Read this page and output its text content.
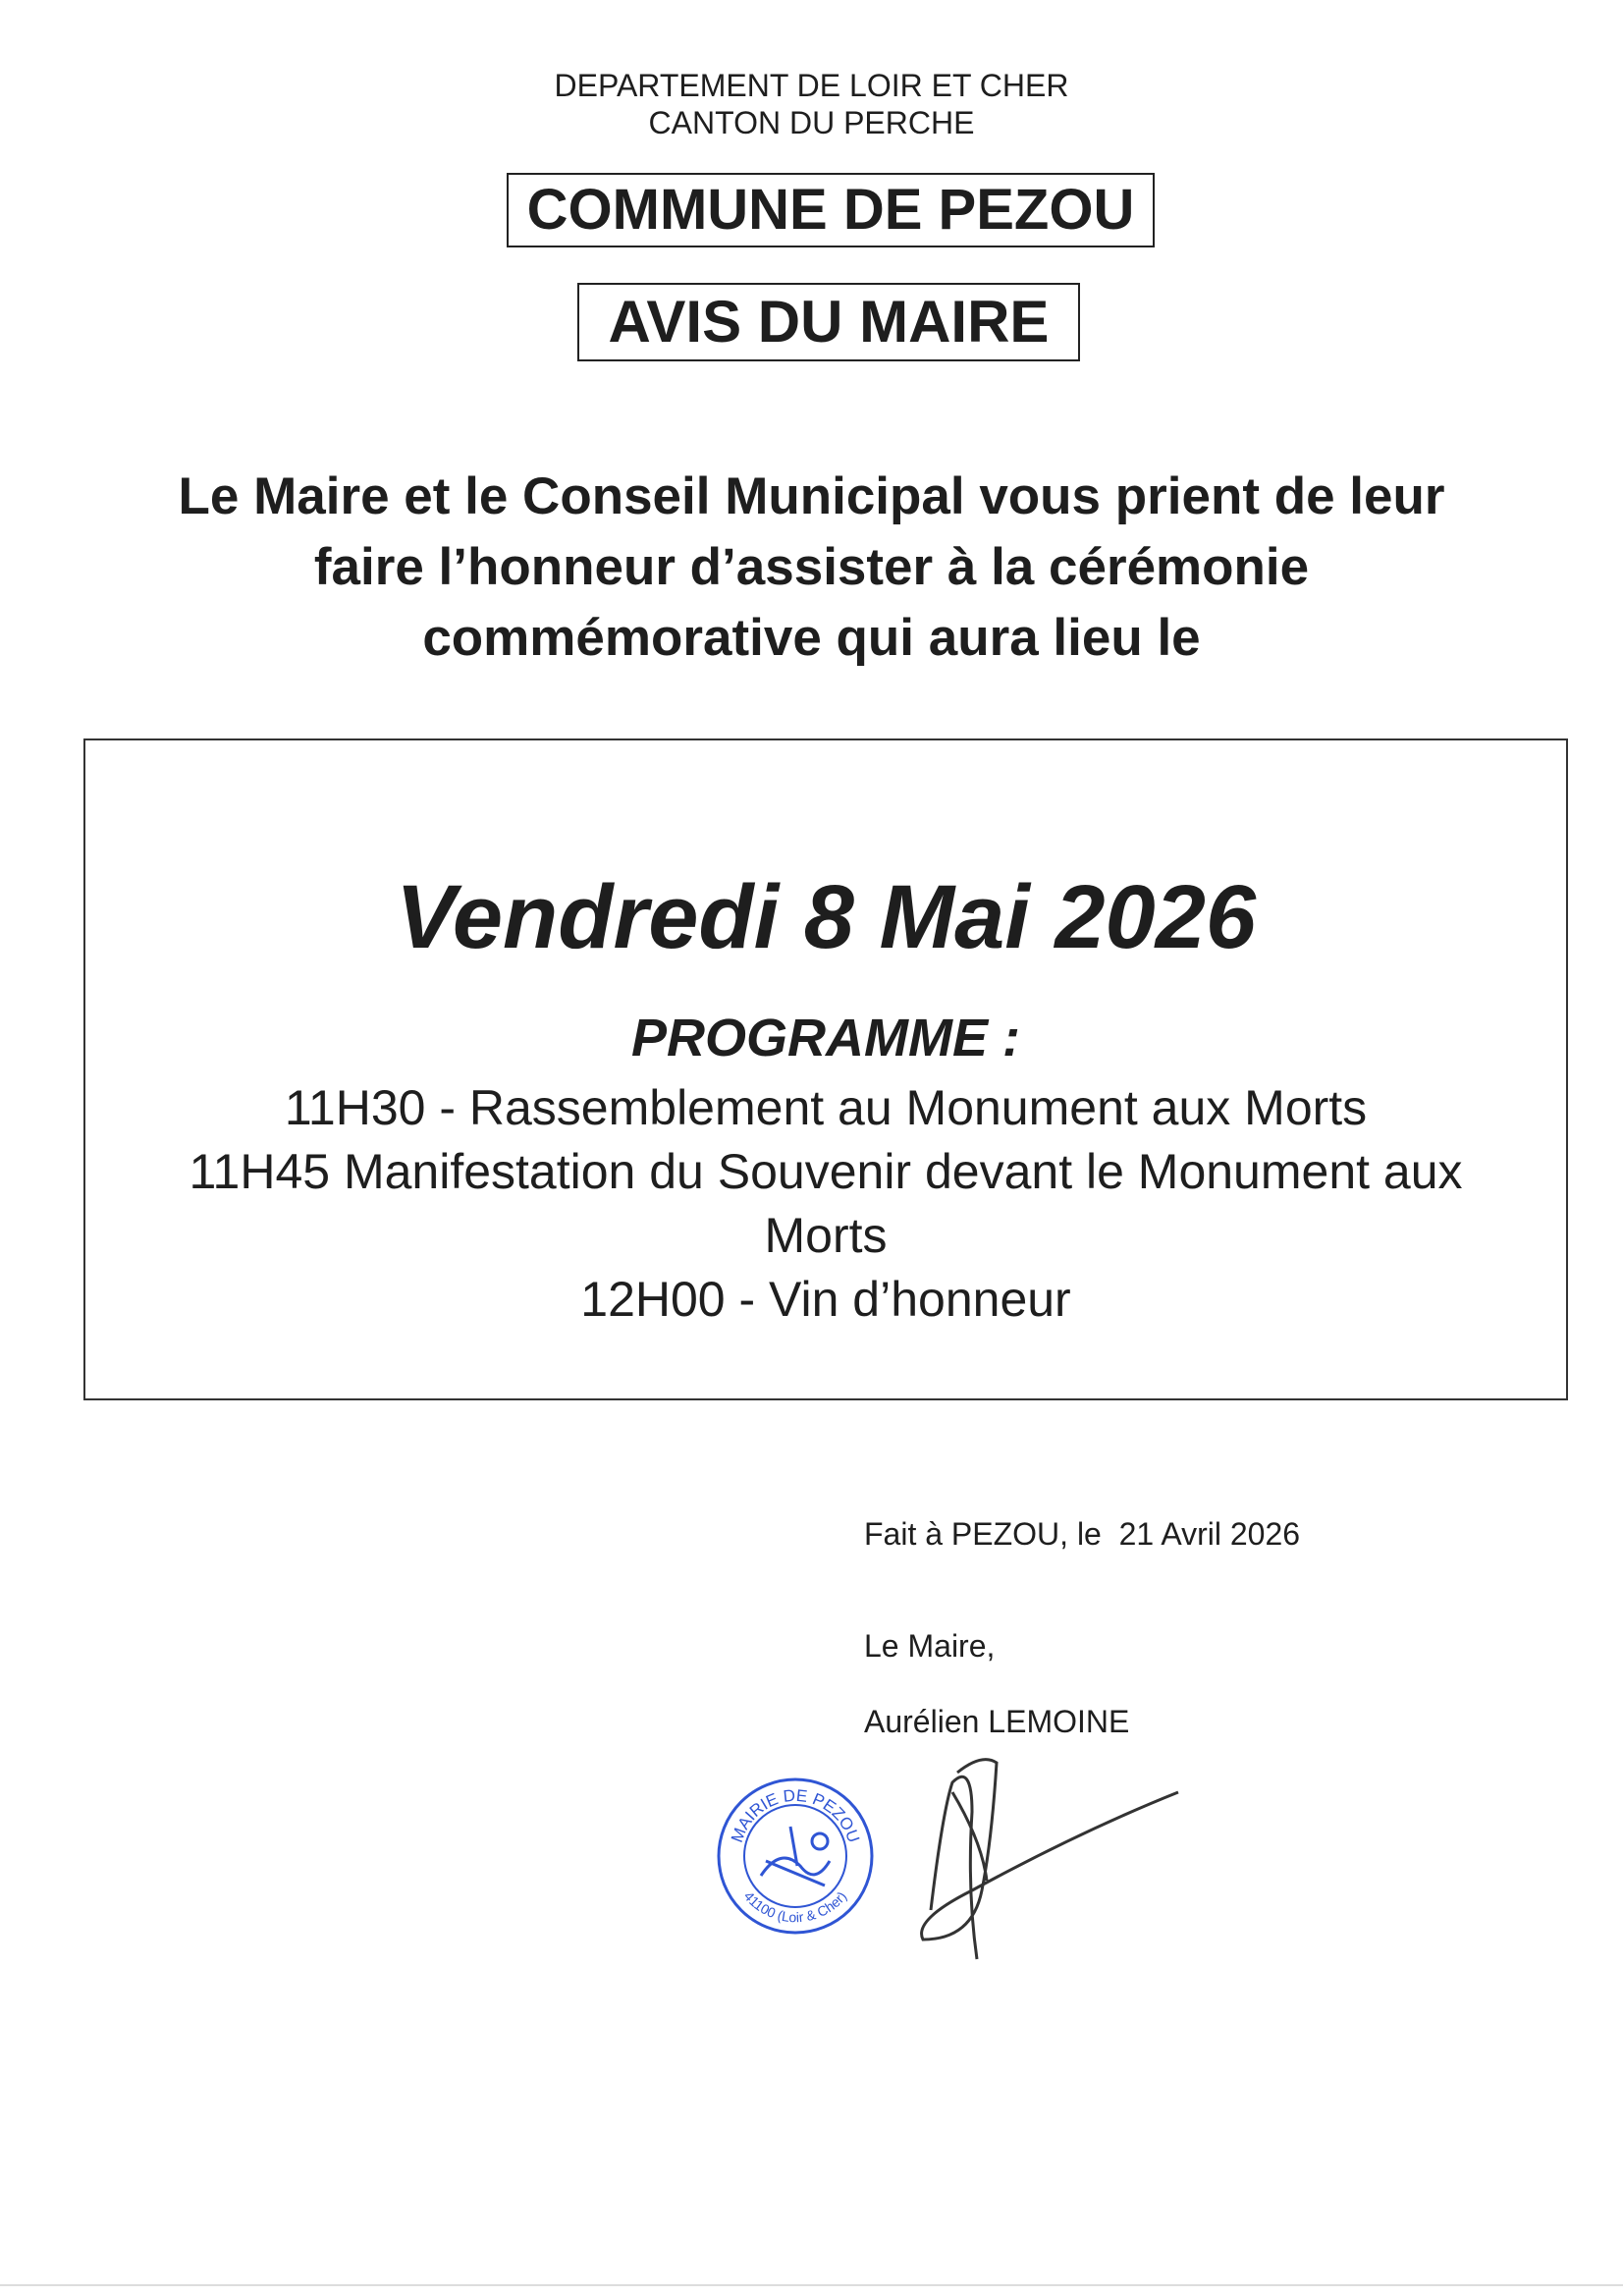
DEPARTEMENT DE LOIR ET CHER
CANTON DU PERCHE
COMMUNE DE PEZOU
AVIS DU MAIRE
Le Maire et le Conseil Municipal vous prient de leur
faire l’honneur d’assister à la cérémonie
commémorative qui aura lieu le
Vendredi 8 Mai 2026
PROGRAMME :
11H30 - Rassemblement au Monument aux Morts
11H45 Manifestation du Souvenir devant le Monument aux
Morts
12H00 - Vin d’honneur
Fait à PEZOU, le  21 Avril 2026
Le Maire,
Aurélien LEMOINE
MAIRIE DE PEZOU
41100 (Loir & Cher)
